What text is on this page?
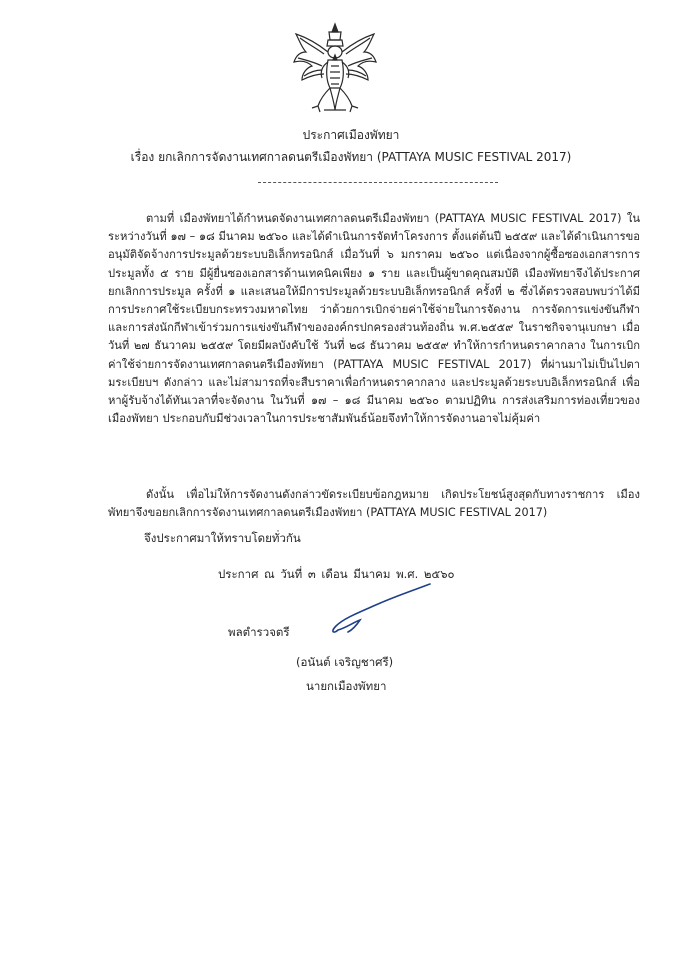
ประกาศเมืองพัทยา
เรื่อง ยกเลิกการจัดงานเทศกาลดนตรีเมืองพัทยา (PATTAYA MUSIC FESTIVAL 2017)

ตามที่ เมืองพัทยาได้กำหนดจัดงานเทศกาลดนตรีเมืองพัทยา (PATTAYA MUSIC FESTIVAL 2017) ในระหว่างวันที่ ๑๗ – ๑๘ มีนาคม ๒๕๖๐ และได้ดำเนินการจัดทำโครงการ ตั้งแต่ต้นปี ๒๕๕๙ และได้ดำเนินการขออนุมัติจัดจ้างการประมูลด้วยระบบอิเล็กทรอนิกส์ เมื่อวันที่ ๖ มกราคม ๒๕๖๐ แต่เนื่องจากผู้ซื้อซองเอกสารการประมูลทั้ง ๕ ราย มีผู้ยื่นซองเอกสารด้านเทคนิคเพียง ๑ ราย และเป็นผู้ขาดคุณสมบัติ เมืองพัทยาจึงได้ประกาศยกเลิกการประมูล ครั้งที่ ๑ และเสนอให้มีการประมูลด้วยระบบอิเล็กทรอนิกส์ ครั้งที่ ๒ ซึ่งได้ตรวจสอบพบว่าได้มีการประกาศใช้ระเบียบกระทรวงมหาดไทย ว่าด้วยการเบิกจ่ายค่าใช้จ่ายในการจัดงาน การจัดการแข่งขันกีฬาและการส่งนักกีฬาเข้าร่วมการแข่งขันกีฬาขององค์กรปกครองส่วนท้องถิ่น พ.ศ.๒๕๕๙ ในราชกิจจานุเบกษา เมื่อวันที่ ๒๗ ธันวาคม ๒๕๕๙ โดยมีผลบังคับใช้ วันที่ ๒๘ ธันวาคม ๒๕๕๙ ทำให้การกำหนดราคากลาง ในการเบิกค่าใช้จ่ายการจัดงานเทศกาลดนตรีเมืองพัทยา (PATTAYA MUSIC FESTIVAL 2017) ที่ผ่านมาไม่เป็นไปตามระเบียบฯ ดังกล่าว และไม่สามารถที่จะสืบราคาเพื่อกำหนดราคากลาง และประมูลด้วยระบบอิเล็กทรอนิกส์ เพื่อหาผู้รับจ้างได้ทันเวลาที่จะจัดงาน ในวันที่ ๑๗ – ๑๘ มีนาคม ๒๕๖๐ ตามปฏิทิน การส่งเสริมการท่องเที่ยวของเมืองพัทยา ประกอบกับมีช่วงเวลาในการประชาสัมพันธ์น้อยจึงทำให้การจัดงานอาจไม่คุ้มค่า

ดังนั้น เพื่อไม่ให้การจัดงานดังกล่าวขัดระเบียบข้อกฎหมาย เกิดประโยชน์สูงสุดกับทางราชการ เมืองพัทยาจึงขอยกเลิกการจัดงานเทศกาลดนตรีเมืองพัทยา (PATTAYA MUSIC FESTIVAL 2017)

จึงประกาศมาให้ทราบโดยทั่วกัน
ประกาศ ณ วันที่ ๓ เดือน มีนาคม พ.ศ. ๒๕๖๐
พลตำรวจตรี
(อนันต์ เจริญชาศรี)
นายกเมืองพัทยา
